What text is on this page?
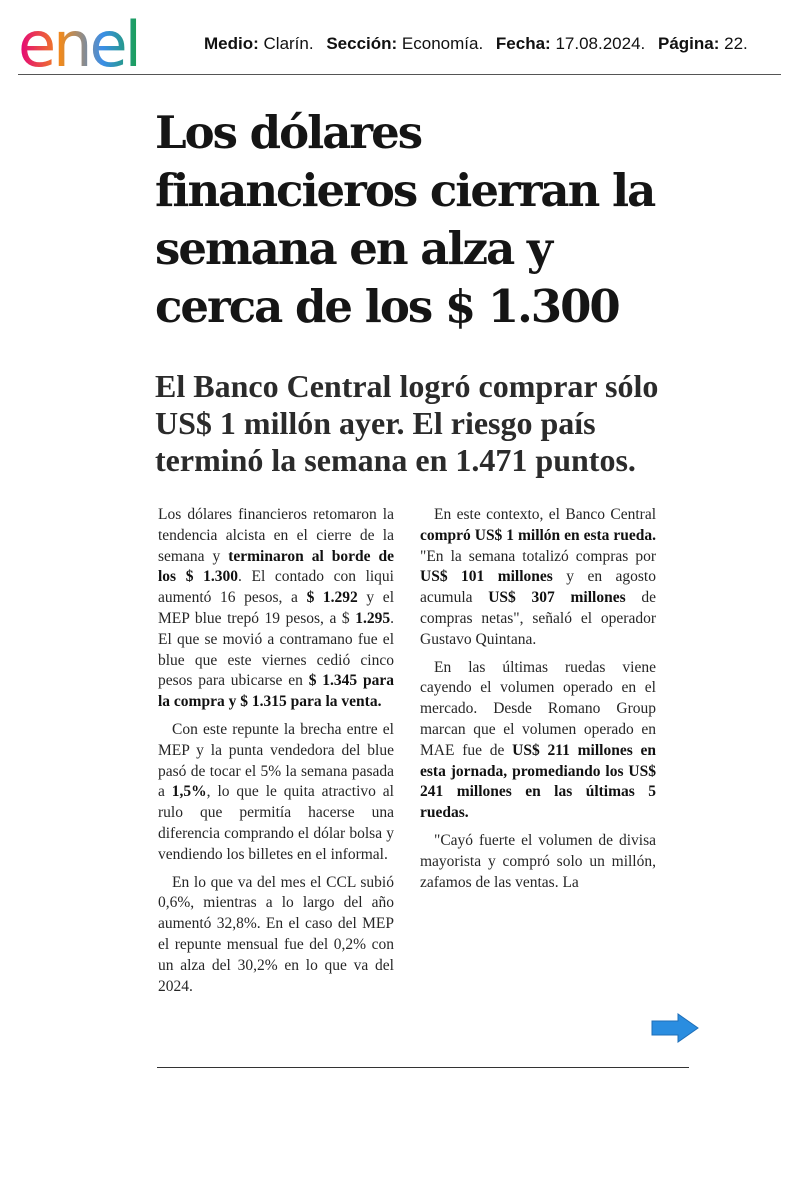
enel	Medio: Clarín. Sección: Economía. Fecha: 17.08.2024. Página: 22.
Los dólares financieros cierran la semana en alza y cerca de los $ 1.300
El Banco Central logró comprar sólo US$ 1 millón ayer. El riesgo país terminó la semana en 1.471 puntos.

Los dólares financieros retomaron la tendencia alcista en el cierre de la semana y terminaron al borde de los $ 1.300. El contado con liqui aumentó 16 pesos, a $ 1.292 y el MEP blue trepó 19 pesos, a $ 1.295. El que se movió a contramano fue el blue que este viernes cedió cinco pesos para ubicarse en $ 1.345 para la compra y $ 1.315 para la venta.

Con este repunte la brecha entre el MEP y la punta vendedora del blue pasó de tocar el 5% la semana pasada a 1,5%, lo que le quita atractivo al rulo que permitía hacerse una diferencia comprando el dólar bolsa y vendiendo los billetes en el informal.

En lo que va del mes el CCL subió 0,6%, mientras a lo largo del año aumentó 32,8%. En el caso del MEP el repunte mensual fue del 0,2% con un alza del 30,2% en lo que va del 2024.

En este contexto, el Banco Central compró US$ 1 millón en esta rueda. "En la semana totalizó compras por US$ 101 millones y en agosto acumula US$ 307 millones de compras netas", señaló el operador Gustavo Quintana.

En las últimas ruedas viene cayendo el volumen operado en el mercado. Desde Romano Group marcan que el volumen operado en MAE fue de US$ 211 millones en esta jornada, promediando los US$ 241 millones en las últimas 5 ruedas.

"Cayó fuerte el volumen de divisa mayorista y compró solo un millón, zafamos de las ventas. La
